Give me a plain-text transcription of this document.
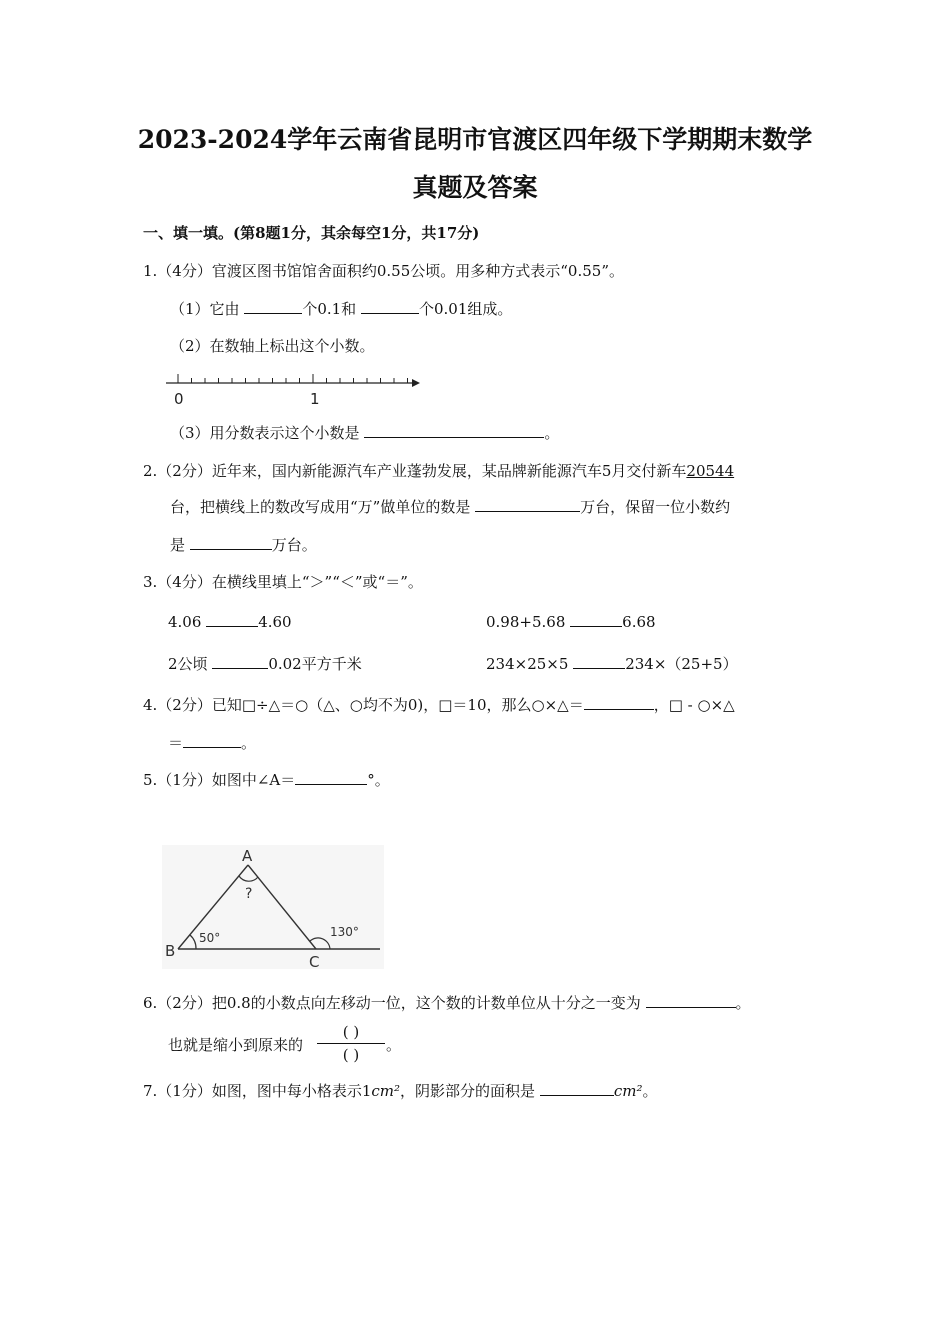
2023-2024学年云南省昆明市官渡区四年级下学期期末数学
真题及答案
一、填一填。(第8题1分，其余每空1分，共17分)
1.（4分）官渡区图书馆馆舍面积约0.55公顷。用多种方式表示“0.55”。
（1）它由	个0.1和	个0.01组成。
（2）在数轴上标出这个小数。
0	1
（3）用分数表示这个小数是	。
2.（2分）近年来，国内新能源汽车产业蓬勃发展，某品牌新能源汽车5月交付新车20544
台，把横线上的数改写成用“万”做单位的数是	万台，保留一位小数约
是	万台。
3.（4分）在横线里填上“＞”“＜”或“＝”。
4.06	4.60	0.98+5.68	6.68
2公顷	0.02平方千米	234×25×5	234×（25+5）
4.（2分）已知□÷△＝○（△、○均不为0)，□＝10，那么○×△＝	，□ - ○×△
＝	。
5.（1分）如图中∠A＝	°。
A
B
C
?
50°	130°
6.（2分）把0.8的小数点向左移动一位，这个数的计数单位从十分之一变为	。
也就是缩小到原来的
( )
( )
。
7.（1分）如图，图中每小格表示1cm²，阴影部分的面积是	cm²。
